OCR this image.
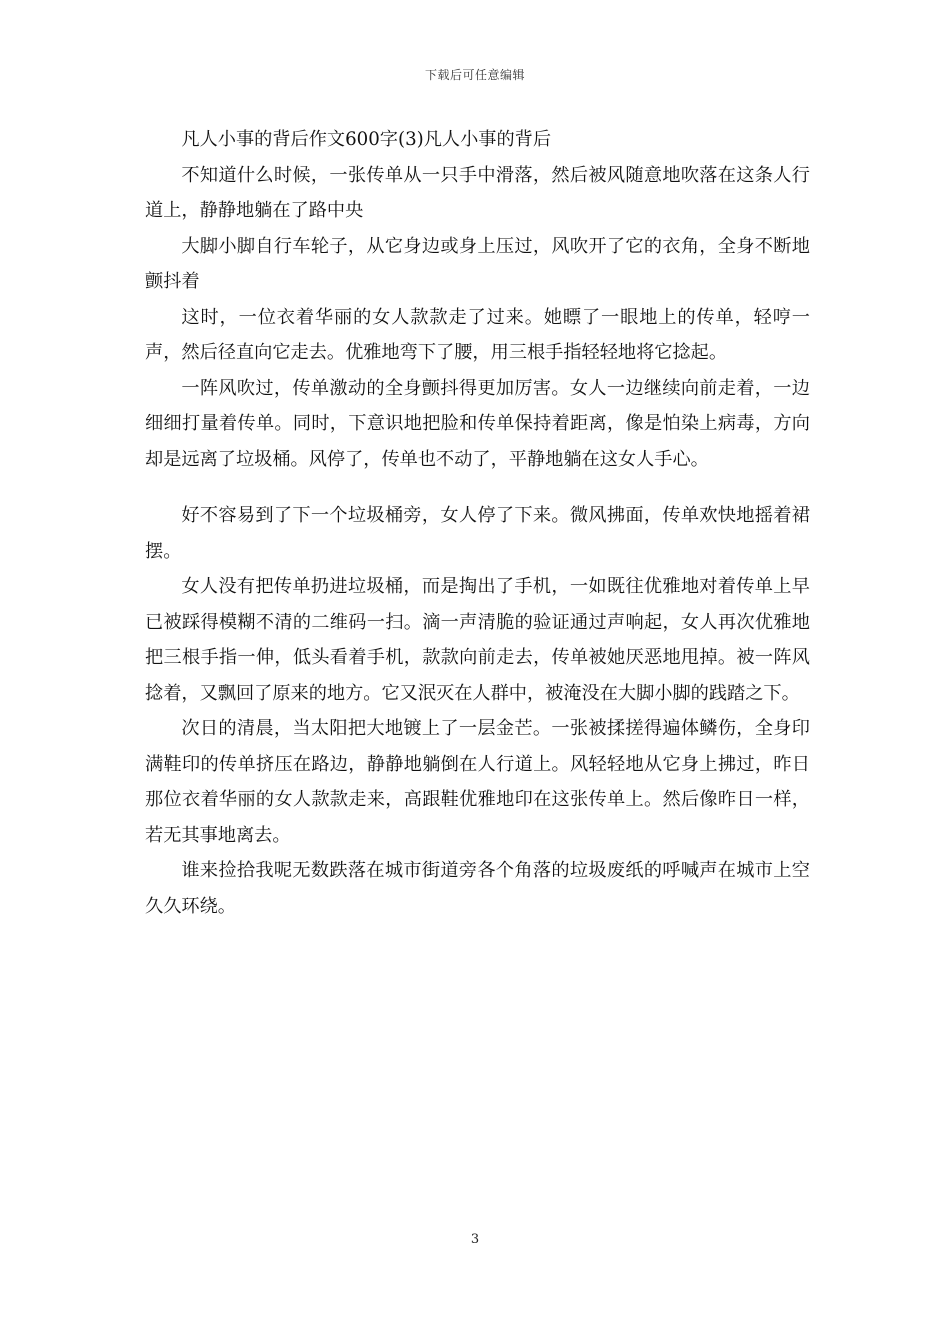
下载后可任意编辑

凡人小事的背后作文600字(3)凡人小事的背后

不知道什么时候，一张传单从一只手中滑落，然后被风随意地吹落在这条人行道上，静静地躺在了路中央

大脚小脚自行车轮子，从它身边或身上压过，风吹开了它的衣角，全身不断地颤抖着

这时，一位衣着华丽的女人款款走了过来。她瞟了一眼地上的传单，轻哼一声，然后径直向它走去。优雅地弯下了腰，用三根手指轻轻地将它捻起。

一阵风吹过，传单激动的全身颤抖得更加厉害。女人一边继续向前走着，一边细细打量着传单。同时，下意识地把脸和传单保持着距离，像是怕染上病毒，方向却是远离了垃圾桶。风停了，传单也不动了，平静地躺在这女人手心。

好不容易到了下一个垃圾桶旁，女人停了下来。微风拂面，传单欢快地摇着裙摆。

女人没有把传单扔进垃圾桶，而是掏出了手机，一如既往优雅地对着传单上早已被踩得模糊不清的二维码一扫。滴一声清脆的验证通过声响起，女人再次优雅地把三根手指一伸，低头看着手机，款款向前走去，传单被她厌恶地甩掉。被一阵风捻着，又飘回了原来的地方。它又泯灭在人群中，被淹没在大脚小脚的践踏之下。

次日的清晨，当太阳把大地镀上了一层金芒。一张被揉搓得遍体鳞伤，全身印满鞋印的传单挤压在路边，静静地躺倒在人行道上。风轻轻地从它身上拂过，昨日那位衣着华丽的女人款款走来，高跟鞋优雅地印在这张传单上。然后像昨日一样，若无其事地离去。

谁来捡拾我呢无数跌落在城市街道旁各个角落的垃圾废纸的呼喊声在城市上空久久环绕。

3
